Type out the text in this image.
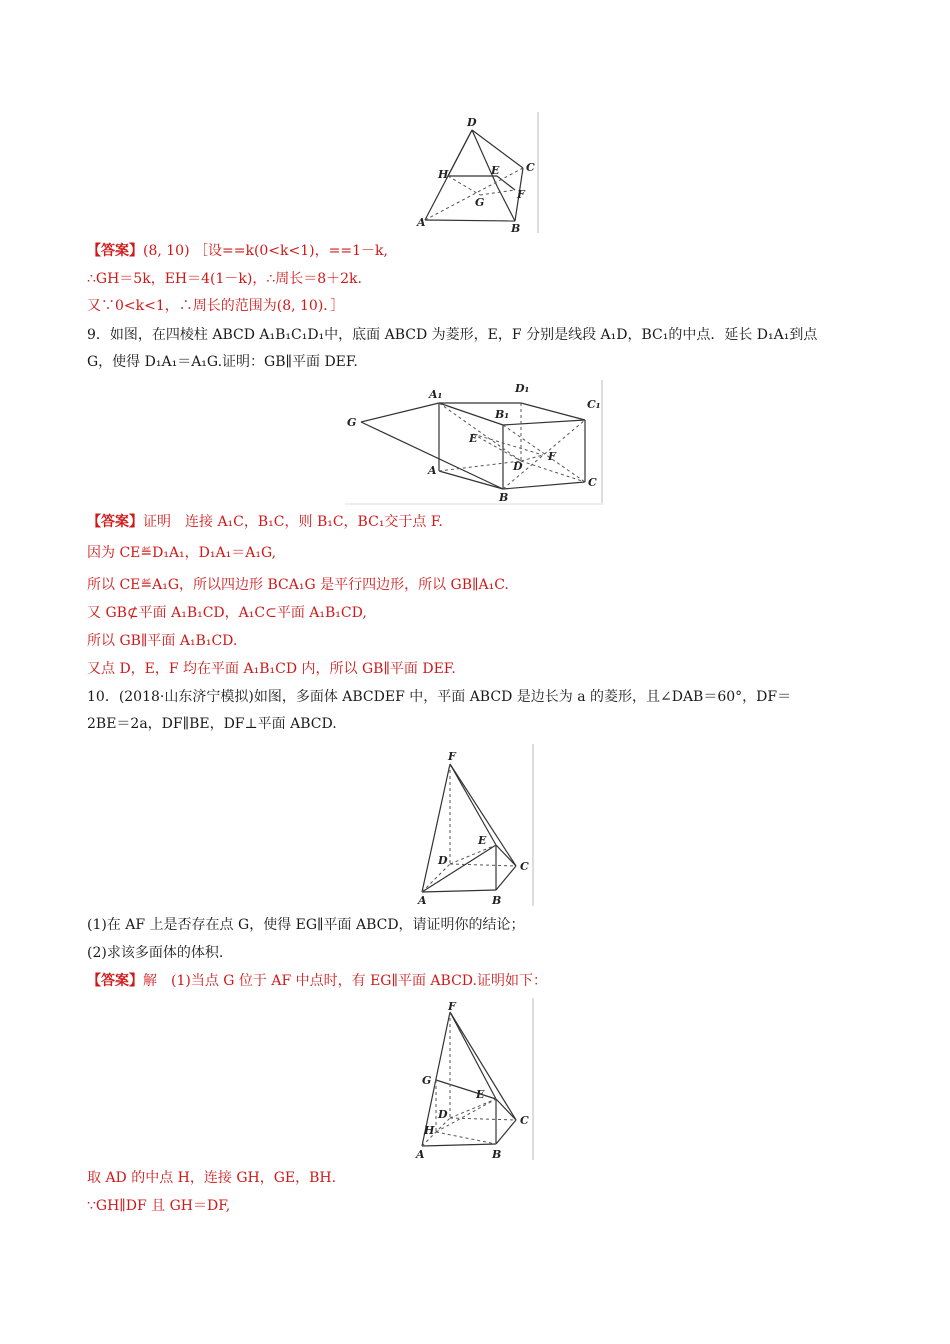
D
H	E C
G
F
A	B
【答案】(8, 10) ［设==k(0<k<1)，==1－k,
∴GH＝5k，EH＝4(1－k)，∴周长＝8＋2k.
又∵0<k<1，∴周长的范围为(8, 10)．］
9．如图，在四棱柱 ABCD A₁B₁C₁D₁中，底面 ABCD 为菱形，E，F 分别是线段 A₁D，BC₁的中点．延长 D₁A₁到点
G，使得 D₁A₁＝A₁G.证明：GB∥平面 DEF.
G
A₁	D₁
B₁
C₁
E
D
F
A
B
C
【答案】证明　连接 A₁C，B₁C，则 B₁C，BC₁交于点 F.
因为 CE≝D₁A₁，D₁A₁＝A₁G,
所以 CE≝A₁G，所以四边形 BCA₁G 是平行四边形，所以 GB∥A₁C.
又 GB⊄平面 A₁B₁CD，A₁C⊂平面 A₁B₁CD,
所以 GB∥平面 A₁B₁CD.
又点 D，E，F 均在平面 A₁B₁CD 内，所以 GB∥平面 DEF.
10．(2018·山东济宁模拟)如图，多面体 ABCDEF 中，平面 ABCD 是边长为 a 的菱形，且∠DAB＝60°，DF＝
2BE＝2a，DF∥BE，DF⊥平面 ABCD.
F
E
D	C
A	B
(1)在 AF 上是否存在点 G，使得 EG∥平面 ABCD，请证明你的结论；
(2)求该多面体的体积.
【答案】解　(1)当点 G 位于 AF 中点时，有 EG∥平面 ABCD.证明如下：
F
G
E
D
H
C
A	B
取 AD 的中点 H，连接 GH，GE，BH.
∵GH∥DF 且 GH＝DF,
